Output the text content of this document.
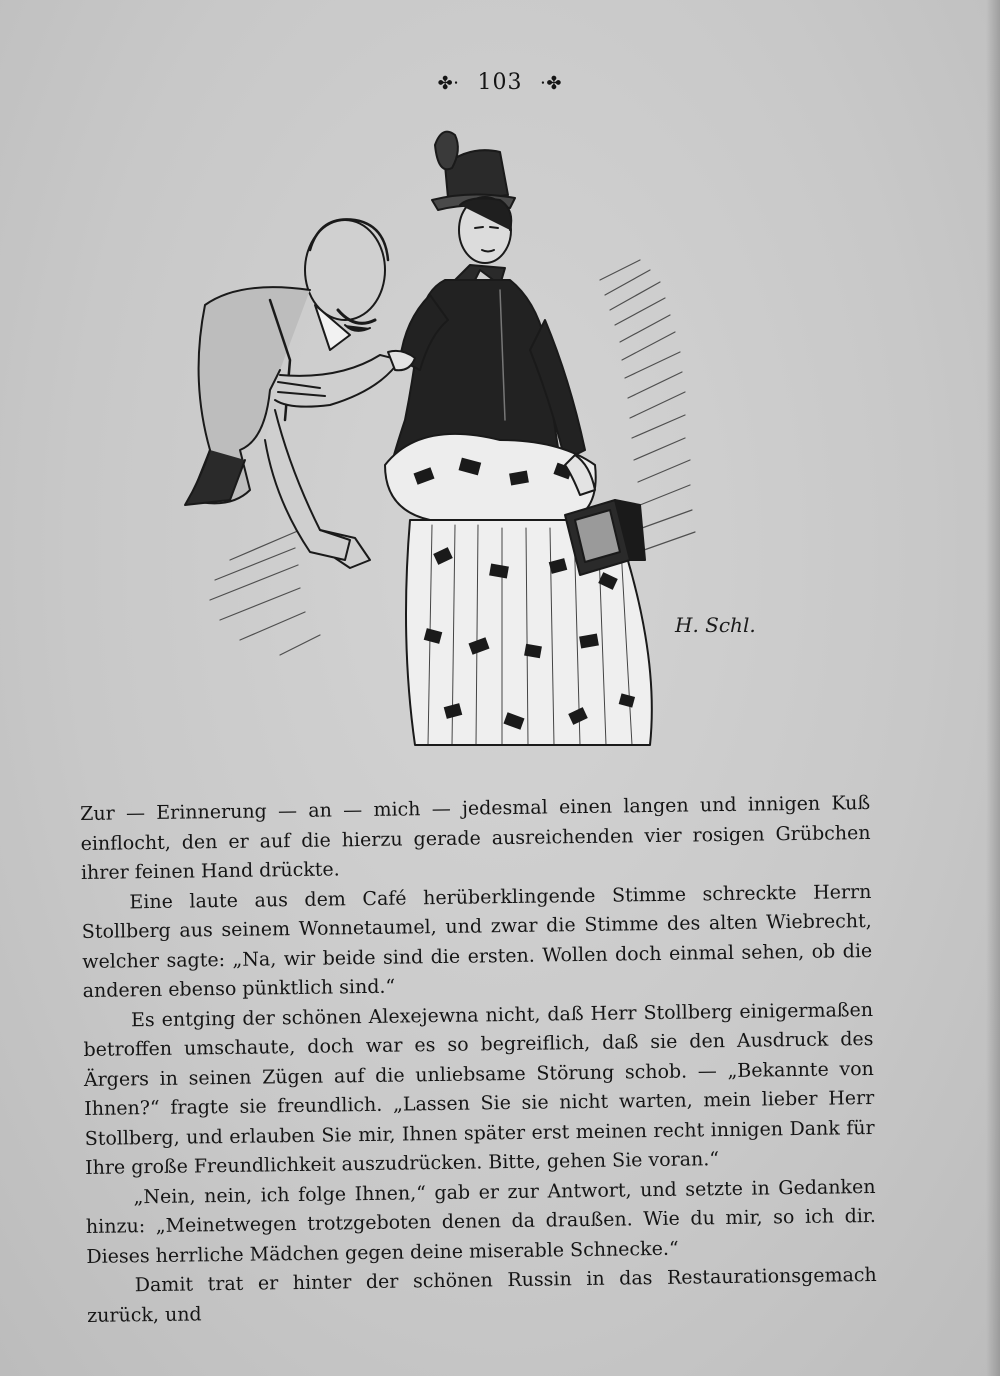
✤⸱ 103 ⸱✤
H. Schl.

Zur — Erinnerung — an — mich — jedesmal einen langen und innigen Kuß einflocht, den er auf die hierzu gerade ausreichenden vier rosigen Grübchen ihrer feinen Hand drückte.

Eine laute aus dem Café herüberklingende Stimme schreckte Herrn Stollberg aus seinem Wonnetaumel, und zwar die Stimme des alten Wiebrecht, welcher sagte: „Na, wir beide sind die ersten. Wollen doch einmal sehen, ob die anderen ebenso pünktlich sind.“

Es entging der schönen Alexejewna nicht, daß Herr Stollberg einigermaßen betroffen umschaute, doch war es so begreiflich, daß sie den Ausdruck des Ärgers in seinen Zügen auf die unliebsame Störung schob. — „Bekannte von Ihnen?“ fragte sie freundlich. „Lassen Sie sie nicht warten, mein lieber Herr Stollberg, und erlauben Sie mir, Ihnen später erst meinen recht innigen Dank für Ihre große Freundlichkeit auszudrücken. Bitte, gehen Sie voran.“

„Nein, nein, ich folge Ihnen,“ gab er zur Antwort, und setzte in Gedanken hinzu: „Meinetwegen trotzgeboten denen da draußen. Wie du mir, so ich dir. Dieses herrliche Mädchen gegen deine miserable Schnecke.“

Damit trat er hinter der schönen Russin in das Restaurationsgemach zurück, und
